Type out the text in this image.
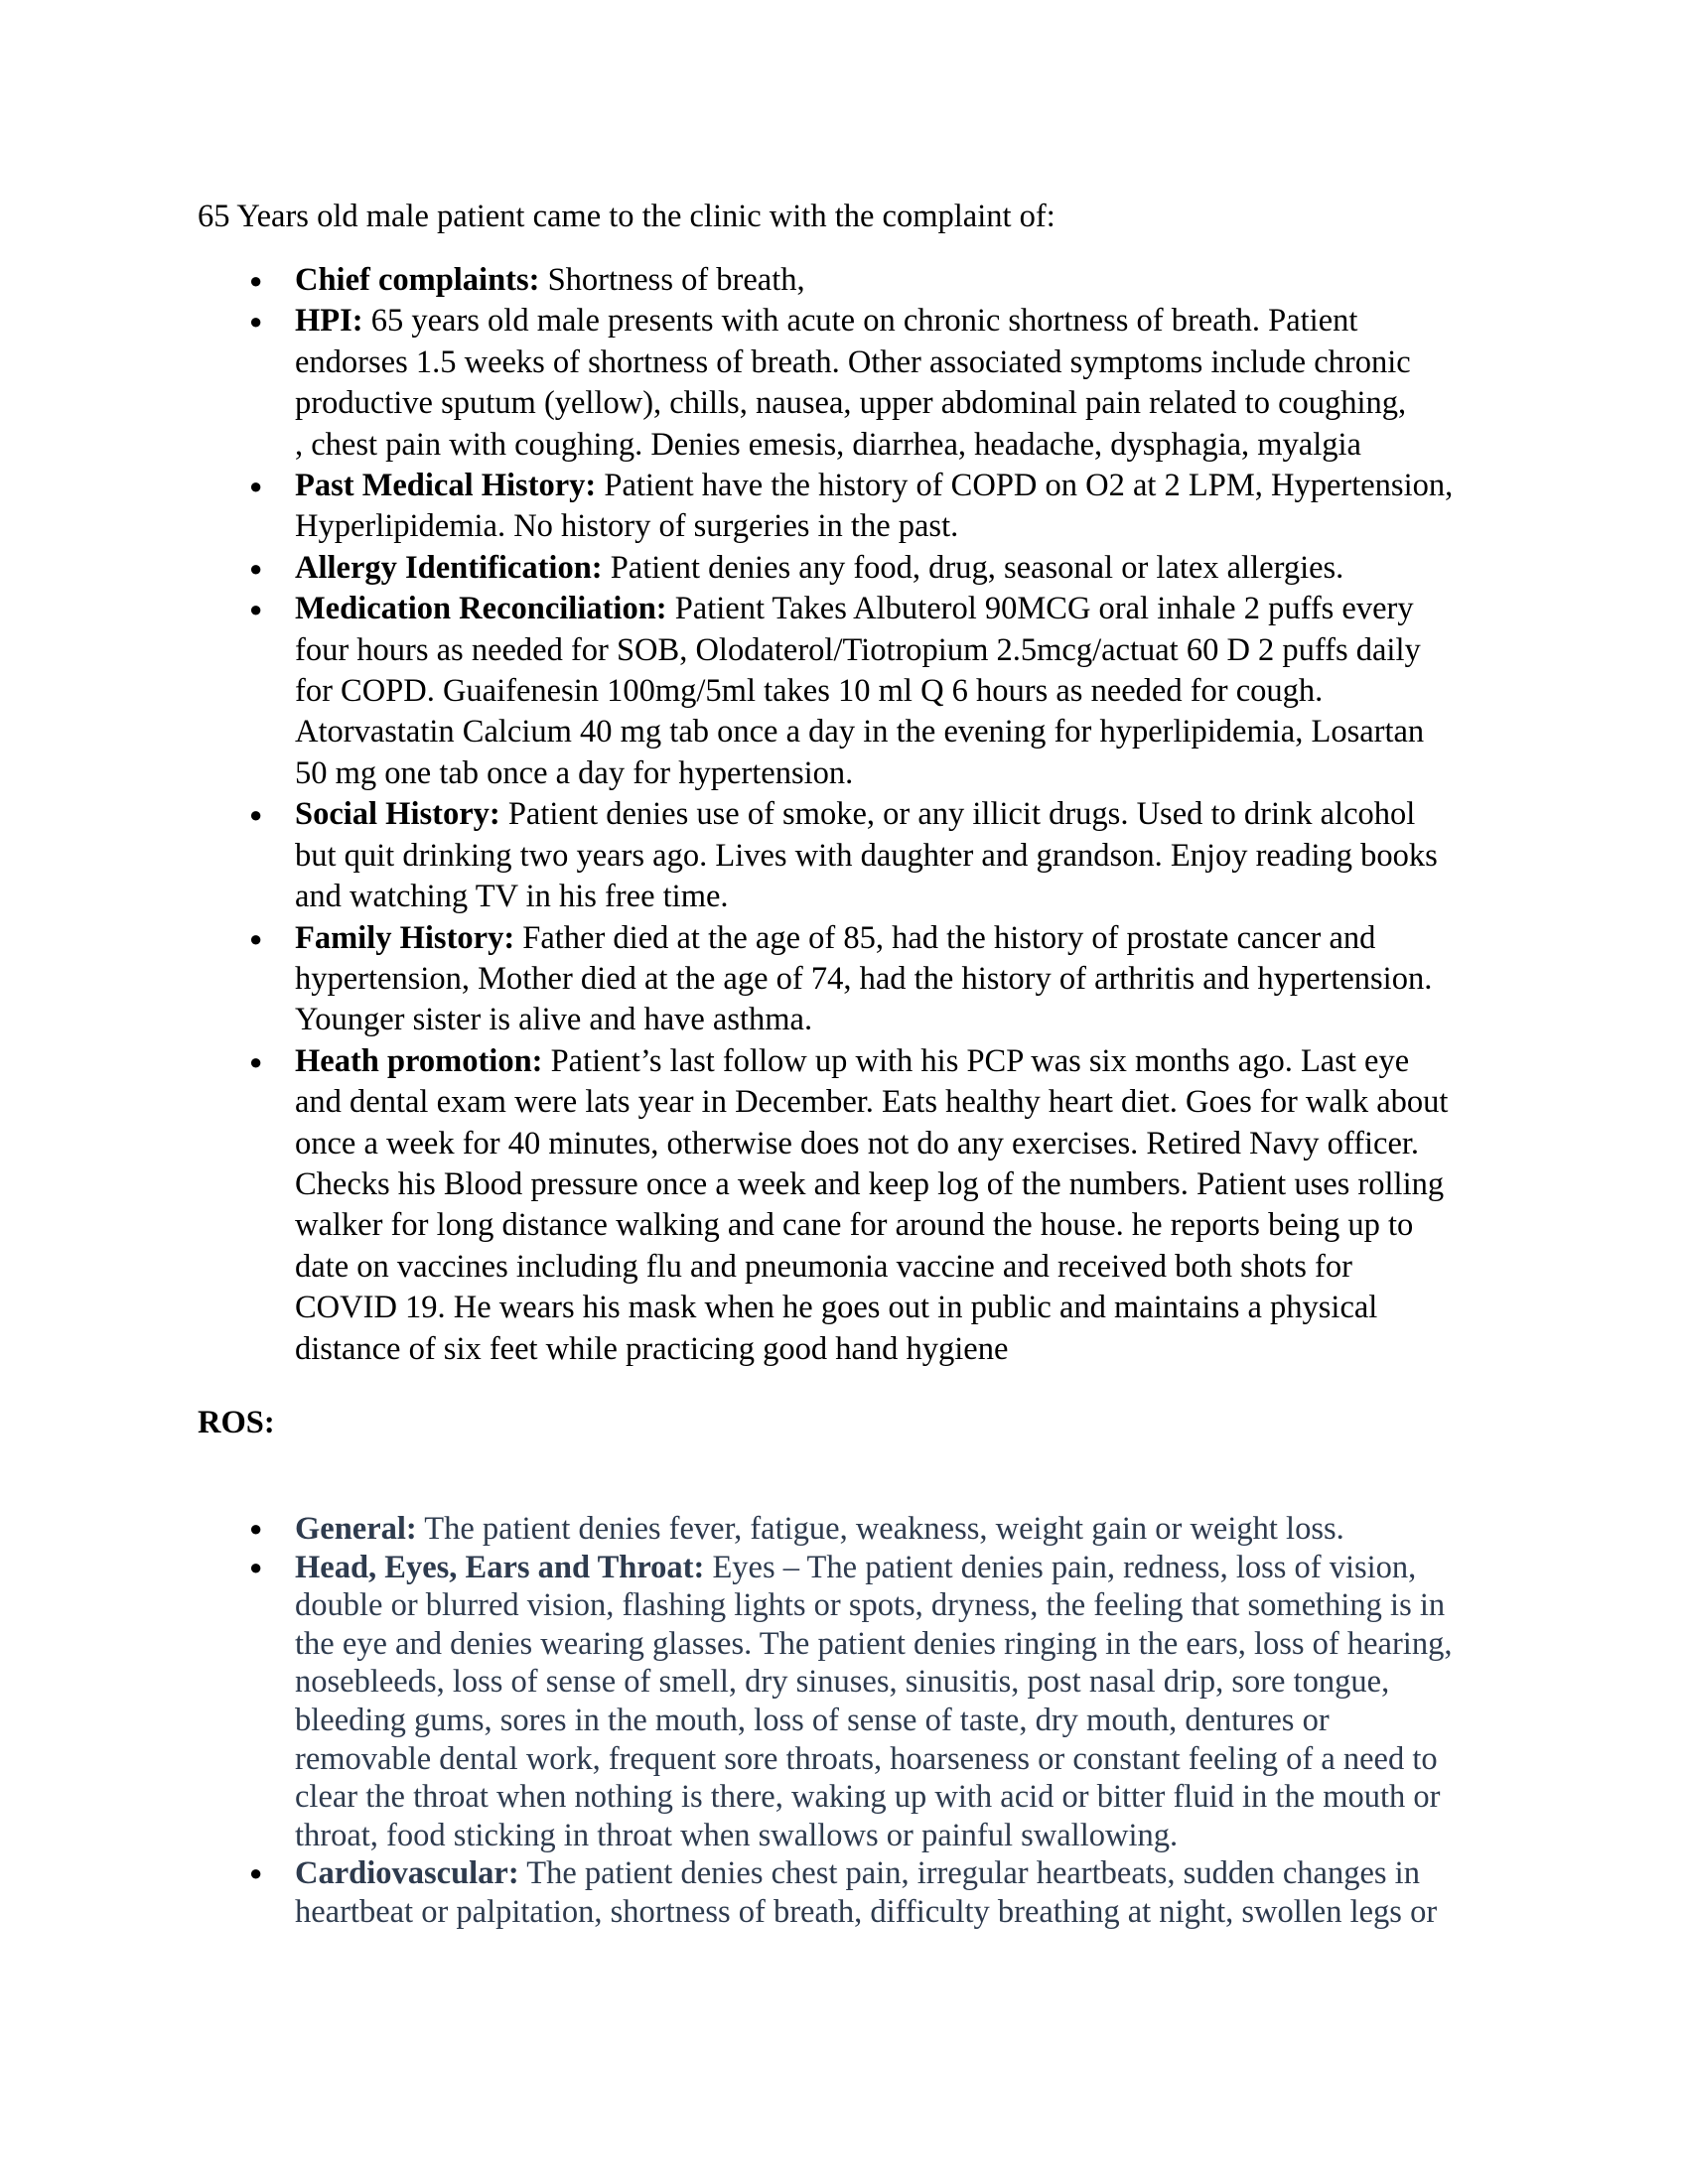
65 Years old male patient came to the clinic with the complaint of:
● Chief complaints: Shortness of breath,
● HPI: 65 years old male presents with acute on chronic shortness of breath. Patient
endorses 1.5 weeks of shortness of breath. Other associated symptoms include chronic
productive sputum (yellow), chills, nausea, upper abdominal pain related to coughing,
, chest pain with coughing. Denies emesis, diarrhea, headache, dysphagia, myalgia
● Past Medical History: Patient have the history of COPD on O2 at 2 LPM, Hypertension,
Hyperlipidemia. No history of surgeries in the past.
● Allergy Identification: Patient denies any food, drug, seasonal or latex allergies.
● Medication Reconciliation: Patient Takes Albuterol 90MCG oral inhale 2 puffs every
four hours as needed for SOB, Olodaterol/Tiotropium 2.5mcg/actuat 60 D 2 puffs daily
for COPD. Guaifenesin 100mg/5ml takes 10 ml Q 6 hours as needed for cough.
Atorvastatin Calcium 40 mg tab once a day in the evening for hyperlipidemia, Losartan
50 mg one tab once a day for hypertension.
● Social History: Patient denies use of smoke, or any illicit drugs. Used to drink alcohol
but quit drinking two years ago. Lives with daughter and grandson. Enjoy reading books
and watching TV in his free time.
● Family History: Father died at the age of 85, had the history of prostate cancer and
hypertension, Mother died at the age of 74, had the history of arthritis and hypertension.
Younger sister is alive and have asthma.
● Heath promotion: Patient’s last follow up with his PCP was six months ago. Last eye
and dental exam were lats year in December. Eats healthy heart diet. Goes for walk about
once a week for 40 minutes, otherwise does not do any exercises. Retired Navy officer.
Checks his Blood pressure once a week and keep log of the numbers. Patient uses rolling
walker for long distance walking and cane for around the house. he reports being up to
date on vaccines including flu and pneumonia vaccine and received both shots for
COVID 19. He wears his mask when he goes out in public and maintains a physical
distance of six feet while practicing good hand hygiene
ROS:
● General: The patient denies fever, fatigue, weakness, weight gain or weight loss.
● Head, Eyes, Ears and Throat: Eyes – The patient denies pain, redness, loss of vision,
double or blurred vision, flashing lights or spots, dryness, the feeling that something is in
the eye and denies wearing glasses. The patient denies ringing in the ears, loss of hearing,
nosebleeds, loss of sense of smell, dry sinuses, sinusitis, post nasal drip, sore tongue,
bleeding gums, sores in the mouth, loss of sense of taste, dry mouth, dentures or
removable dental work, frequent sore throats, hoarseness or constant feeling of a need to
clear the throat when nothing is there, waking up with acid or bitter fluid in the mouth or
throat, food sticking in throat when swallows or painful swallowing.
● Cardiovascular: The patient denies chest pain, irregular heartbeats, sudden changes in
heartbeat or palpitation, shortness of breath, difficulty breathing at night, swollen legs or
